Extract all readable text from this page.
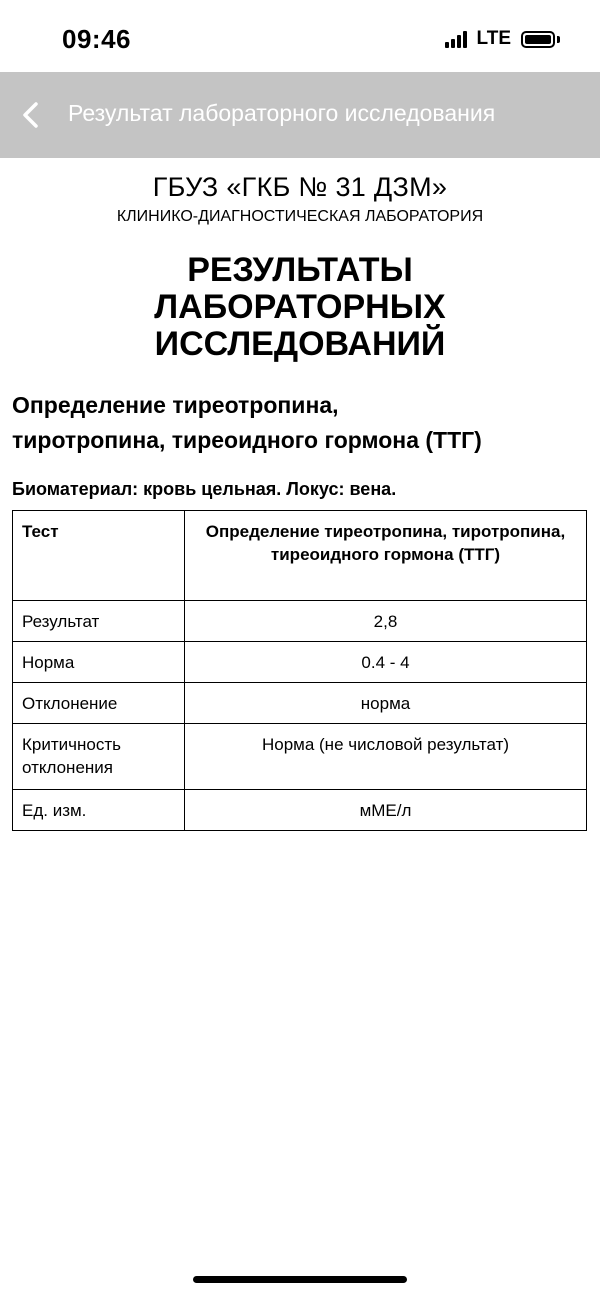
09:46	LTE
Результат лабораторного исследования
ГБУЗ «ГКБ № 31 ДЗМ»
КЛИНИКО-ДИАГНОСТИЧЕСКАЯ ЛАБОРАТОРИЯ
РЕЗУЛЬТАТЫ
ЛАБОРАТОРНЫХ
ИССЛЕДОВАНИЙ
Определение тиреотропина,
тиротропина, тиреоидного гормона (ТТГ)
Биоматериал: кровь цельная. Локус: вена.
Тест	Определение тиреотропина, тиротропина, тиреоидного гормона (ТТГ)
Результат	2,8
Норма	0.4 - 4
Отклонение	норма
Критичность отклонения	Норма (не числовой результат)
Ед. изм.	мМЕ/л
